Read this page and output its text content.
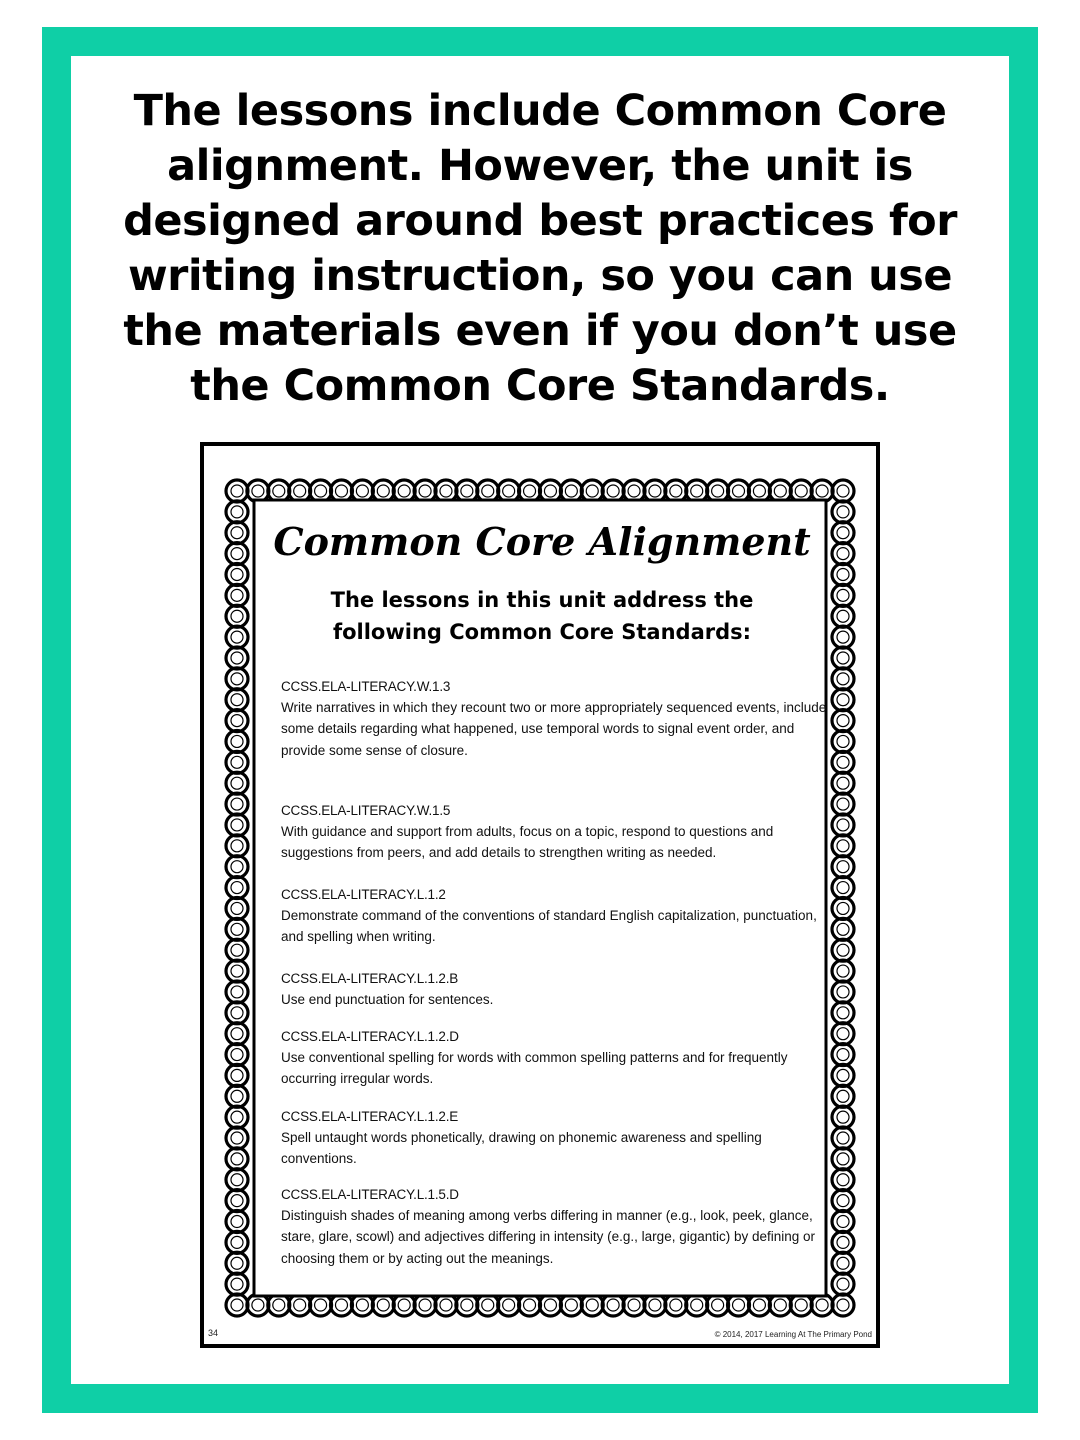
The lessons include Common Core alignment. However, the unit is designed around best practices for writing instruction, so you can use the materials even if you don’t use the Common Core Standards.

Common Core Alignment
The lessons in this unit address the
following Common Core Standards:
CCSS.ELA-LITERACY.W.1.3
Write narratives in which they recount two or more appropriately sequenced events, include some details regarding what happened, use temporal words to signal event order, and provide some sense of closure.
CCSS.ELA-LITERACY.W.1.5
With guidance and support from adults, focus on a topic, respond to questions and suggestions from peers, and add details to strengthen writing as needed.
CCSS.ELA-LITERACY.L.1.2
Demonstrate command of the conventions of standard English capitalization, punctuation, and spelling when writing.
CCSS.ELA-LITERACY.L.1.2.B
Use end punctuation for sentences.
CCSS.ELA-LITERACY.L.1.2.D
Use conventional spelling for words with common spelling patterns and for frequently occurring irregular words.
CCSS.ELA-LITERACY.L.1.2.E
Spell untaught words phonetically, drawing on phonemic awareness and spelling conventions.
CCSS.ELA-LITERACY.L.1.5.D
Distinguish shades of meaning among verbs differing in manner (e.g., look, peek, glance, stare, glare, scowl) and adjectives differing in intensity (e.g., large, gigantic) by defining or choosing them or by acting out the meanings.
34	© 2014, 2017 Learning At The Primary Pond
